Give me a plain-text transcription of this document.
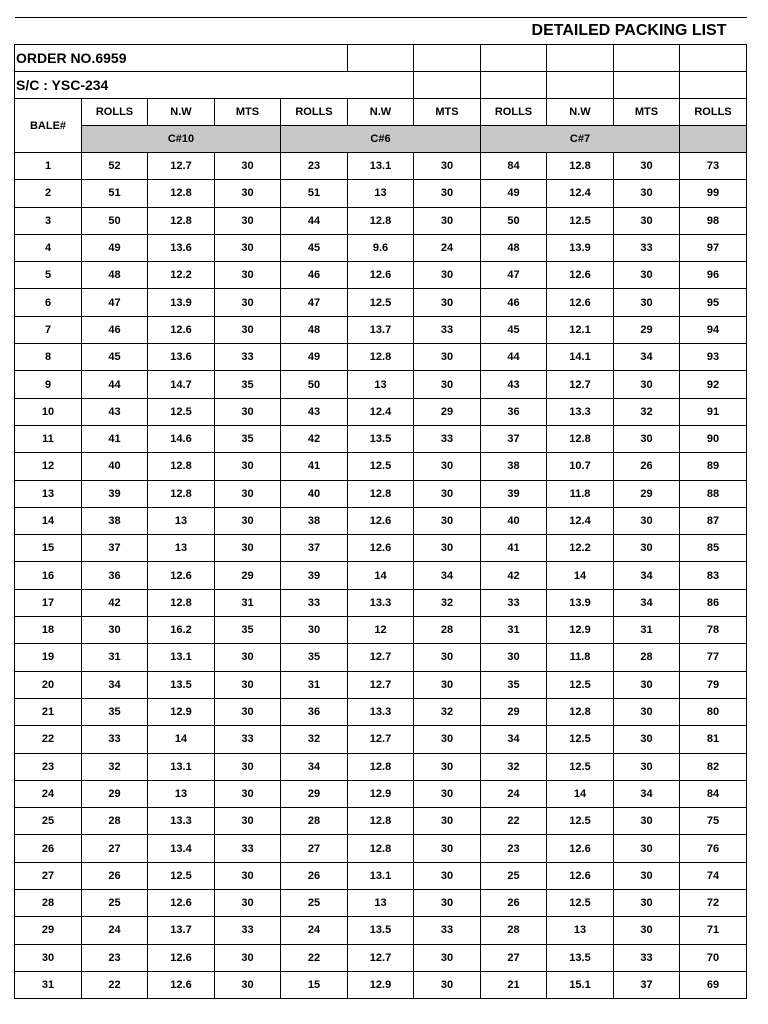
DETAILED PACKING LIST										
ORDER NO.6959										
S/C : YSC-234										
BALE#	ROLLS	N.W	MTS	ROLLS	N.W	MTS	ROLLS	N.W	MTS	ROLLS
	C#10			C#6			C#7			
1	52	12.7	30	23	13.1	30	84	12.8	30	73
2	51	12.8	30	51	13	30	49	12.4	30	99
3	50	12.8	30	44	12.8	30	50	12.5	30	98
4	49	13.6	30	45	9.6	24	48	13.9	33	97
5	48	12.2	30	46	12.6	30	47	12.6	30	96
6	47	13.9	30	47	12.5	30	46	12.6	30	95
7	46	12.6	30	48	13.7	33	45	12.1	29	94
8	45	13.6	33	49	12.8	30	44	14.1	34	93
9	44	14.7	35	50	13	30	43	12.7	30	92
10	43	12.5	30	43	12.4	29	36	13.3	32	91
11	41	14.6	35	42	13.5	33	37	12.8	30	90
12	40	12.8	30	41	12.5	30	38	10.7	26	89
13	39	12.8	30	40	12.8	30	39	11.8	29	88
14	38	13	30	38	12.6	30	40	12.4	30	87
15	37	13	30	37	12.6	30	41	12.2	30	85
16	36	12.6	29	39	14	34	42	14	34	83
17	42	12.8	31	33	13.3	32	33	13.9	34	86
18	30	16.2	35	30	12	28	31	12.9	31	78
19	31	13.1	30	35	12.7	30	30	11.8	28	77
20	34	13.5	30	31	12.7	30	35	12.5	30	79
21	35	12.9	30	36	13.3	32	29	12.8	30	80
22	33	14	33	32	12.7	30	34	12.5	30	81
23	32	13.1	30	34	12.8	30	32	12.5	30	82
24	29	13	30	29	12.9	30	24	14	34	84
25	28	13.3	30	28	12.8	30	22	12.5	30	75
26	27	13.4	33	27	12.8	30	23	12.6	30	76
27	26	12.5	30	26	13.1	30	25	12.6	30	74
28	25	12.6	30	25	13	30	26	12.5	30	72
29	24	13.7	33	24	13.5	33	28	13	30	71
30	23	12.6	30	22	12.7	30	27	13.5	33	70
31	22	12.6	30	15	12.9	30	21	15.1	37	69
